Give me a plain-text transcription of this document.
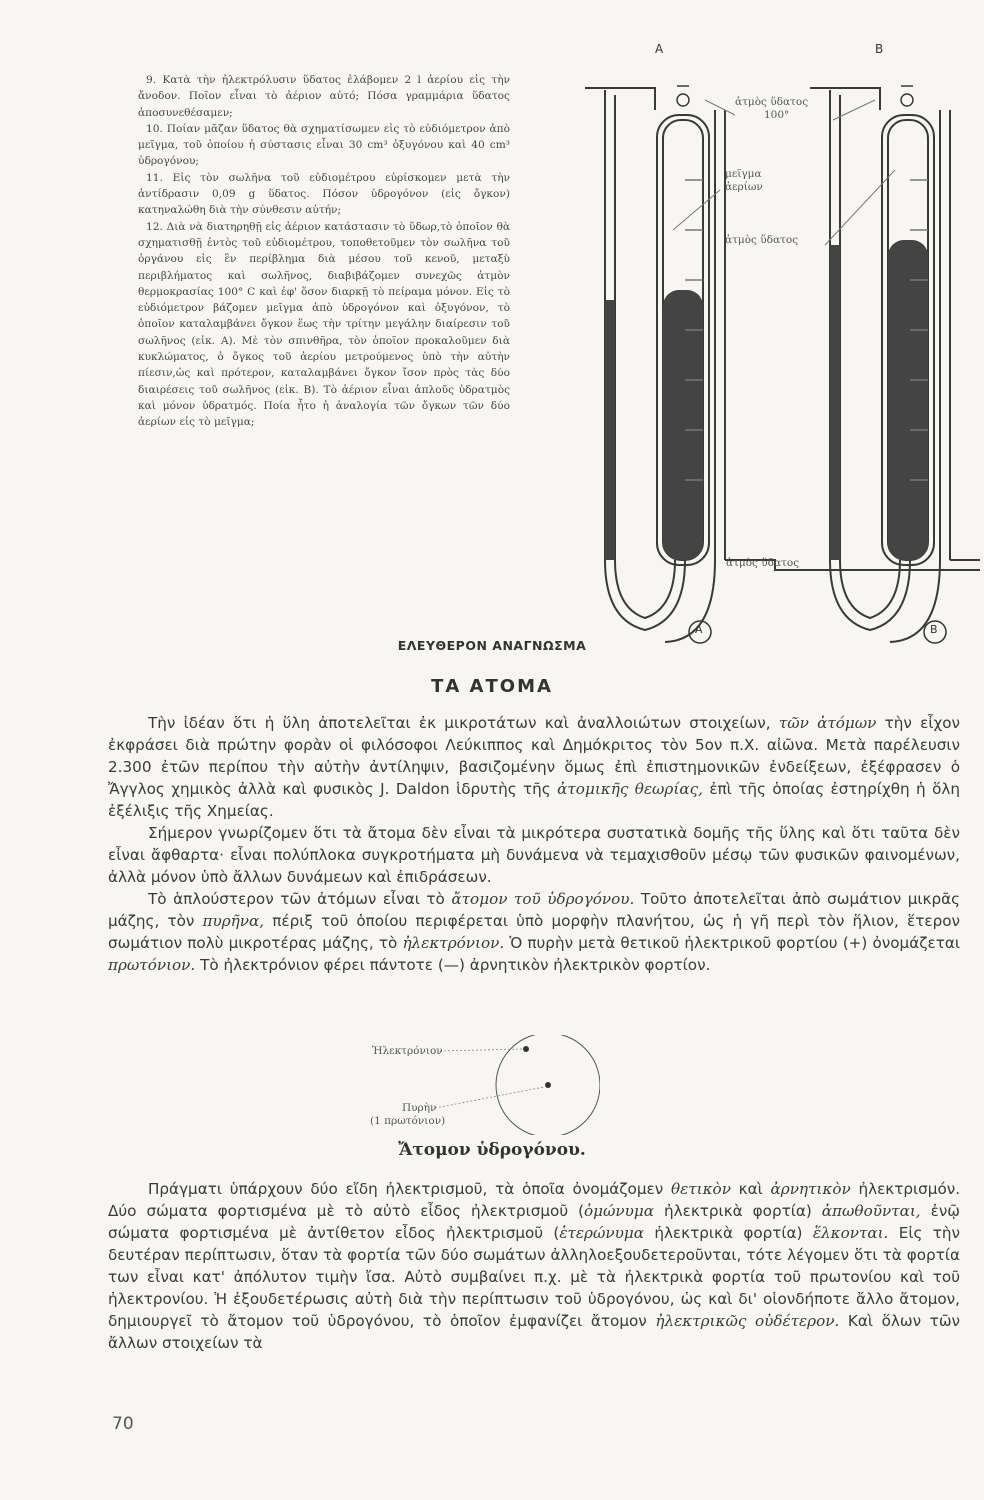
9. Κατὰ τὴν ἠλεκτρόλυσιν ὕδατος ἐλάβομεν 2 l ἀερίου εἰς τὴν ἄνοδον. Ποῖον εἶναι τὸ ἀέριον αὐτό; Πόσα γραμμάρια ὕδατος ἀποσυνεθέσαμεν;

10. Ποίαν μᾶζαν ὕδατος θὰ σχηματίσωμεν εἰς τὸ εὐδιόμετρον ἀπὸ μεῖγμα, τοῦ ὁποίου ἡ σύστασις εἶναι 30 cm³ ὀξυγόνου καὶ 40 cm³ ὑδρογόνου;

11. Εἰς τὸν σωλῆνα τοῦ εὐδιομέτρου εὑρίσκομεν μετὰ τὴν ἀντίδρασιν 0,09 g ὕδατος. Πόσον ὑδρογόνον (εἰς ὄγκον) κατηναλώθη διὰ τὴν σύνθεσιν αὐτήν;

12. Διὰ νὰ διατηρηθῇ εἰς ἀέριον κατάστασιν τὸ ὕδωρ,τὸ ὁποῖον θὰ σχηματισθῇ ἐντὸς τοῦ εὐδιομέτρου, τοποθετοῦμεν τὸν σωλῆνα τοῦ ὀργάνου εἰς ἓν περίβλημα διὰ μέσου τοῦ κενοῦ, μεταξὺ περιβλήματος καὶ σωλῆνος, διαβιβάζομεν συνεχῶς ἀτμὸν θερμοκρασίας 100° C καὶ ἐφ' ὅσον διαρκῇ τὸ πείραμα μόνον. Εἰς τὸ εὐδιόμετρον βάζομεν μεῖγμα ἀπὸ ὑδρογόνον καὶ ὀξυγόνον, τὸ ὁποῖον καταλαμβάνει ὄγκον ἕως τὴν τρίτην μεγάλην διαίρεσιν τοῦ σωλῆνος (εἰκ. Α). Μὲ τὸν σπινθῆρα, τὸν ὁποῖον προκαλοῦμεν διὰ κυκλώματος, ὁ ὄγκος τοῦ ἀερίου μετρούμενος ὑπὸ τὴν αὐτὴν πίεσιν,ὡς καὶ πρότερον, καταλαμβάνει ὄγκον ἴσον πρὸς τὰς δύο διαιρέσεις τοῦ σωλῆνος (εἰκ. Β). Τὸ ἀέριον εἶναι ἁπλοῦς ὑδρατμὸς καὶ μόνον ὑδρατμός. Ποία ἦτο ἡ ἀναλογία τῶν ὄγκων τῶν δύο ἀερίων εἰς τὸ μεῖγμα;

A	B
A	B
ἀτμὸς ὕδατος
100°
μεῖγμα
ἀερίων
ἀτμὸς ὕδατος
ἀτμὸς ὕδατος
ΕΛΕΥΘΕΡΟΝ ΑΝΑΓΝΩΣΜΑ
ΤΑ ΑΤΟΜΑ

Τὴν ἰδέαν ὅτι ἡ ὕλη ἀποτελεῖται ἐκ μικροτάτων καὶ ἀναλλοιώτων στοιχείων, τῶν ἀτόμων τὴν εἶχον ἐκφράσει διὰ πρώτην φορὰν οἱ φιλόσοφοι Λεύκιππος καὶ Δημόκριτος τὸν 5ον π.Χ. αἰῶνα. Μετὰ παρέλευσιν 2.300 ἐτῶν περίπου τὴν αὐτὴν ἀντίληψιν, βασιζομένην ὅμως ἐπὶ ἐπιστημονικῶν ἐνδείξεων, ἐξέφρασεν ὁ Ἄγγλος χημικὸς ἀλλὰ καὶ φυσικὸς J. Daldon ἱδρυτὴς τῆς ἀτομικῆς θεωρίας, ἐπὶ τῆς ὁποίας ἐστηρίχθη ἡ ὅλη ἐξέλιξις τῆς Χημείας.

Σήμερον γνωρίζομεν ὅτι τὰ ἄτομα δὲν εἶναι τὰ μικρότερα συστατικὰ δομῆς τῆς ὕλης καὶ ὅτι ταῦτα δὲν εἶναι ἄφθαρτα· εἶναι πολύπλοκα συγκροτήματα μὴ δυνάμενα νὰ τεμαχισθοῦν μέσῳ τῶν φυσικῶν φαινομένων, ἀλλὰ μόνον ὑπὸ ἄλλων δυνάμεων καὶ ἐπιδράσεων.

Τὸ ἁπλούστερον τῶν ἀτόμων εἶναι τὸ ἄτομον τοῦ ὑδρογόνου. Τοῦτο ἀποτελεῖται ἀπὸ σωμάτιον μικρᾶς μάζης, τὸν πυρῆνα, πέριξ τοῦ ὁποίου περιφέρεται ὑπὸ μορφὴν πλανήτου, ὡς ἡ γῆ περὶ τὸν ἥλιον, ἕτερον σωμάτιον πολὺ μικροτέρας μάζης, τὸ ἠλεκτρόνιον. Ὁ πυρὴν μετὰ θετικοῦ ἠλεκτρικοῦ φορτίου (+) ὀνομάζεται πρωτόνιον. Τὸ ἠλεκτρόνιον φέρει πάντοτε (—) ἀρνητικὸν ἠλεκτρικὸν φορτίον.

Ἠλεκτρόνιον
Πυρὴν
(1 πρωτόνιον)
Ἄτομον ὑδρογόνου.

Πράγματι ὑπάρχουν δύο εἴδη ἠλεκτρισμοῦ, τὰ ὁποῖα ὀνομάζομεν θετικὸν καὶ ἀρνητικὸν ἠλεκτρισμόν. Δύο σώματα φορτισμένα μὲ τὸ αὐτὸ εἶδος ἠλεκτρισμοῦ (ὁμώνυμα ἠλεκτρικὰ φορτία) ἀπωθοῦνται, ἐνῷ σώματα φορτισμένα μὲ ἀντίθετον εἶδος ἠλεκτρισμοῦ (ἑτερώνυμα ἠλεκτρικὰ φορτία) ἕλκονται. Εἰς τὴν δευτέραν περίπτωσιν, ὅταν τὰ φορτία τῶν δύο σωμάτων ἀλληλοεξουδετεροῦνται, τότε λέγομεν ὅτι τὰ φορτία των εἶναι κατ' ἀπόλυτον τιμὴν ἴσα. Αὐτὸ συμβαίνει π.χ. μὲ τὰ ἠλεκτρικὰ φορτία τοῦ πρωτονίου καὶ τοῦ ἠλεκτρονίου. Ἡ ἐξουδετέρωσις αὐτὴ διὰ τὴν περίπτωσιν τοῦ ὑδρογόνου, ὡς καὶ δι' οἱονδήποτε ἄλλο ἄτομον, δημιουργεῖ τὸ ἄτομον τοῦ ὑδρογόνου, τὸ ὁποῖον ἐμφανίζει ἄτομον ἠλεκτρικῶς οὐδέτερον. Καὶ ὅλων τῶν ἄλλων στοιχείων τὰ

70
